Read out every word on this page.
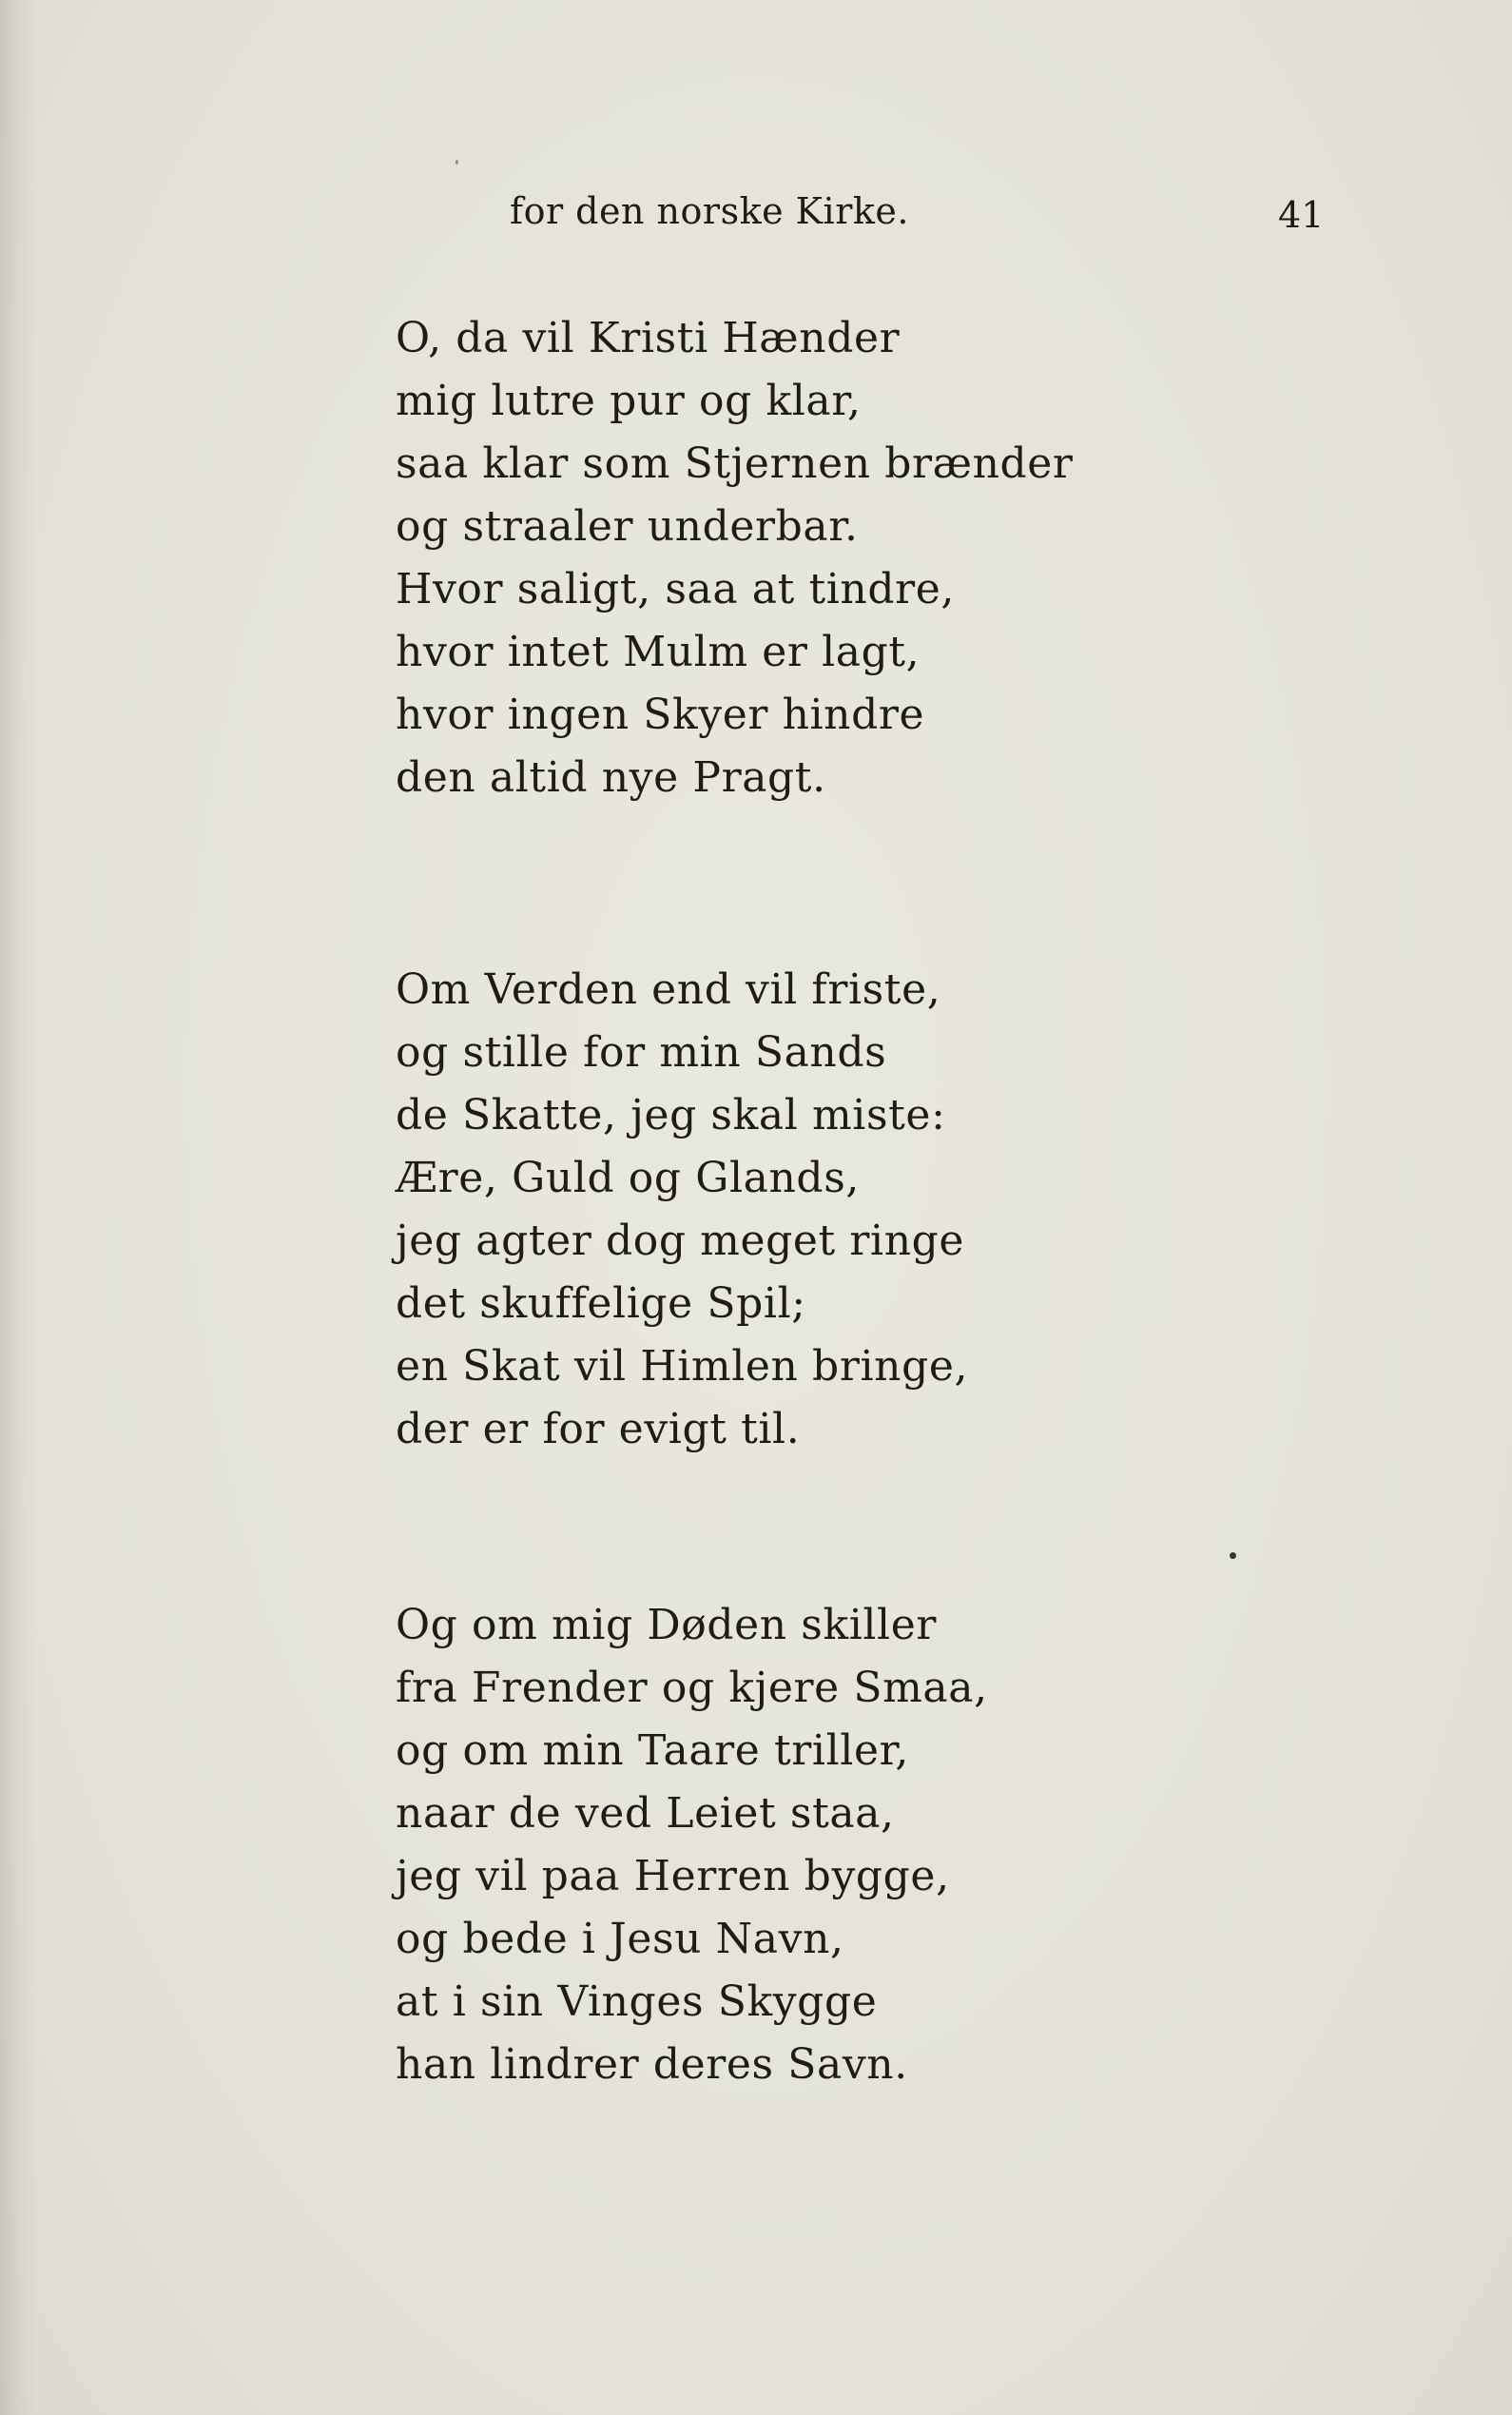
for den norske Kirke.	41
O, da vil Kristi Hænder
mig lutre pur og klar,
saa klar som Stjernen brænder
og straaler underbar.
Hvor saligt, saa at tindre,
hvor intet Mulm er lagt,
hvor ingen Skyer hindre
den altid nye Pragt.
Om Verden end vil friste,
og stille for min Sands
de Skatte, jeg skal miste:
Ære, Guld og Glands,
jeg agter dog meget ringe
det skuffelige Spil;
en Skat vil Himlen bringe,
der er for evigt til.
Og om mig Døden skiller
fra Frender og kjere Smaa,
og om min Taare triller,
naar de ved Leiet staa,
jeg vil paa Herren bygge,
og bede i Jesu Navn,
at i sin Vinges Skygge
han lindrer deres Savn.
